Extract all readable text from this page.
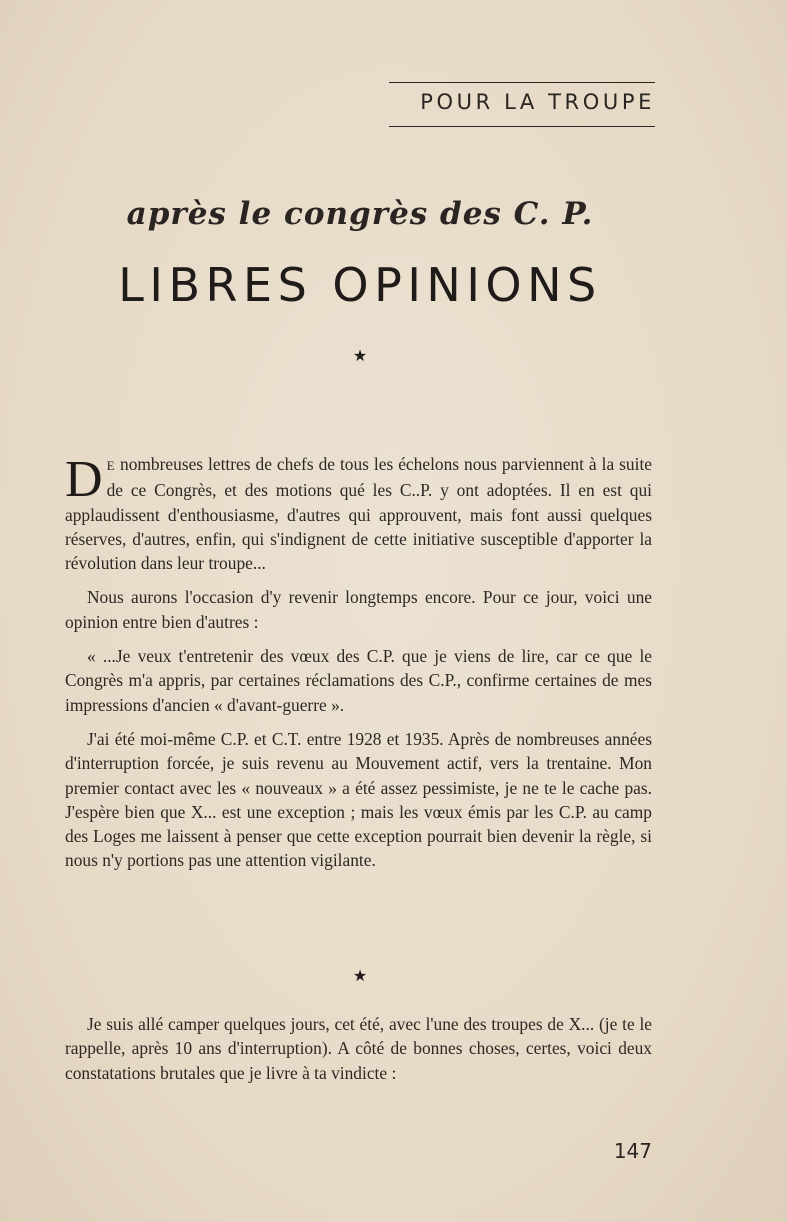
POUR LA TROUPE
après le congrès des C. P.
LIBRES OPINIONS
★

D E nombreuses lettres de chefs de tous les échelons nous parviennent à la suite de ce Congrès, et des motions qué les C..P. y ont adoptées. Il en est qui applaudissent d'enthousiasme, d'autres qui approuvent, mais font aussi quelques réserves, d'autres, enfin, qui s'indignent de cette initiative susceptible d'apporter la révolution dans leur troupe...

Nous aurons l'occasion d'y revenir longtemps encore. Pour ce jour, voici une opinion entre bien d'autres :

« ...Je veux t'entretenir des vœux des C.P. que je viens de lire, car ce que le Congrès m'a appris, par certaines réclamations des C.P., confirme certaines de mes impressions d'ancien « d'avant-guerre ».

J'ai été moi-même C.P. et C.T. entre 1928 et 1935. Après de nombreuses années d'interruption forcée, je suis revenu au Mouvement actif, vers la trentaine. Mon premier contact avec les « nouveaux » a été assez pessimiste, je ne te le cache pas. J'espère bien que X... est une exception ; mais les vœux émis par les C.P. au camp des Loges me laissent à penser que cette exception pourrait bien devenir la règle, si nous n'y portions pas une attention vigilante.

★

Je suis allé camper quelques jours, cet été, avec l'une des troupes de X... (je te le rappelle, après 10 ans d'interruption). A côté de bonnes choses, certes, voici deux constatations brutales que je livre à ta vindicte :

147
